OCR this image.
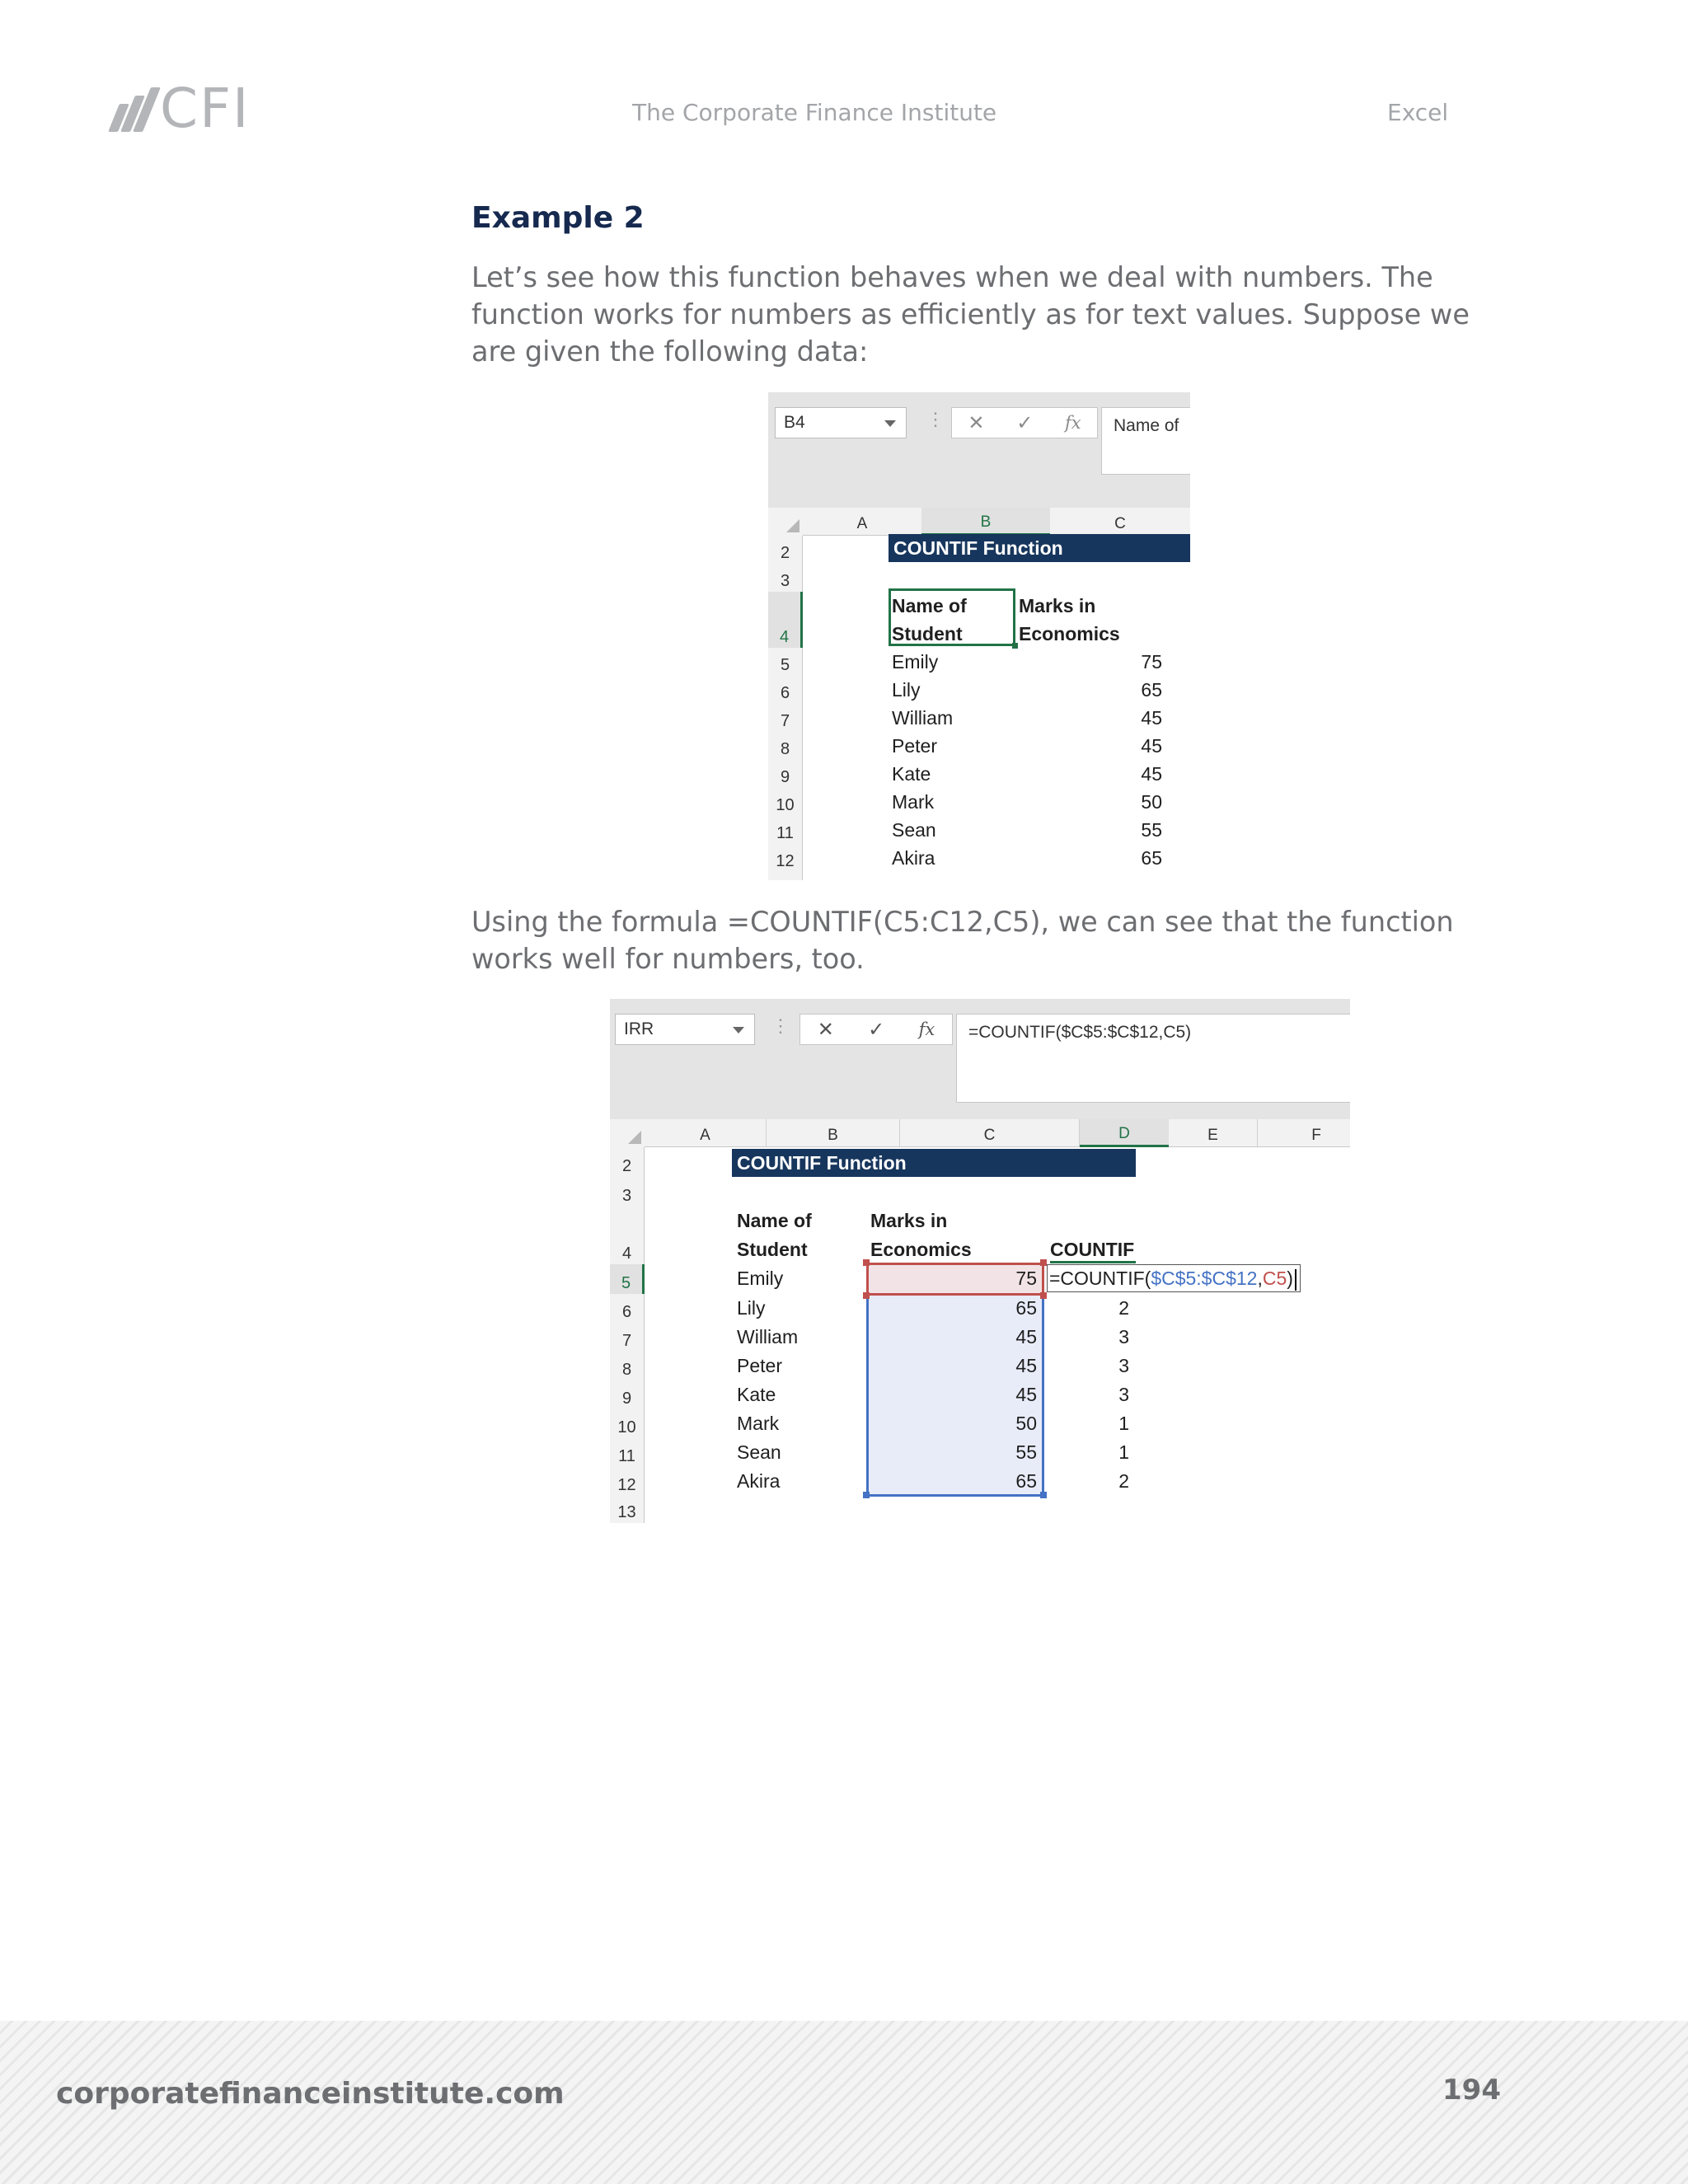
CFI	The Corporate Finance Institute	Excel
Example 2
Let’s see how this function behaves when we deal with numbers. The function works for numbers as efficiently as for text values. Suppose we are given the following data:
B4	⋮ ✕ ✓ fx	Name of
A	B	C
2
3
4
5
6
7
8
9
10
11
12
COUNTIF Function
Name of
Student
Marks in
Economics
Emily	75
Lily	65
William	45
Peter	45
Kate	45
Mark	50
Sean	55
Akira	65
Using the formula =COUNTIF(C5:C12,C5), we can see that the function works well for numbers, too.
IRR	⋮ ✕ ✓ fx	=COUNTIF($C$5:$C$12,C5)
A	B	C	D	E	F
2
3
4
5
6
7
8
9
10
11
12
13
COUNTIF Function
Name of
Student
Marks in
Economics	COUNTIF
Emily	75 =COUNTIF($C$5:$C$12,C5)
Lily	65	2
William	45	3
Peter	45	3
Kate	45	3
Mark	50	1
Sean	55	1
Akira	65	2
corporatefinanceinstitute.com	194
